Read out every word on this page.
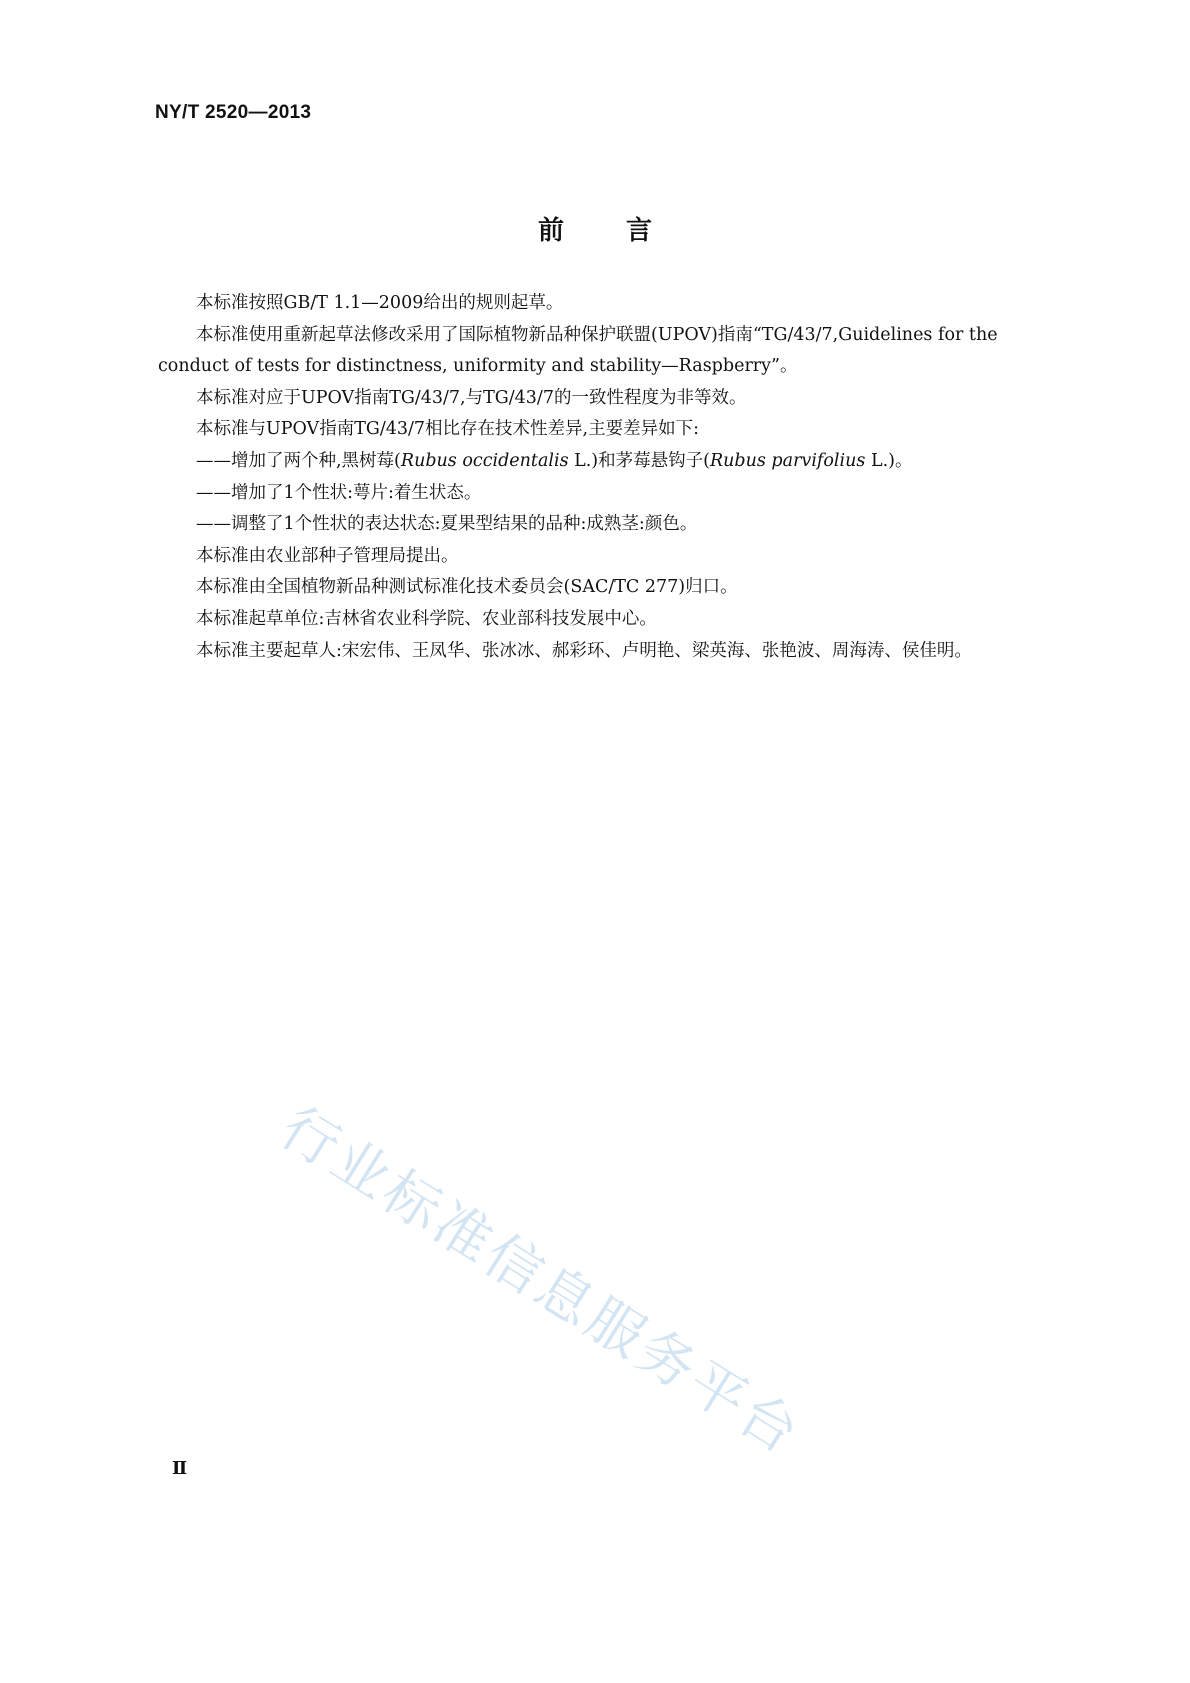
NY/T 2520—2013
前言

本标准按照GB/T 1.1—2009给出的规则起草。

本标准使用重新起草法修改采用了国际植物新品种保护联盟(UPOV)指南“TG/43/7,Guidelines for the conduct of tests for distinctness, uniformity and stability—Raspberry”。

本标准对应于UPOV指南TG/43/7,与TG/43/7的一致性程度为非等效。

本标准与UPOV指南TG/43/7相比存在技术性差异,主要差异如下:

——增加了两个种,黑树莓(Rubus occidentalis L.)和茅莓悬钩子(Rubus parvifolius L.)。

——增加了1个性状:萼片:着生状态。

——调整了1个性状的表达状态:夏果型结果的品种:成熟茎:颜色。

本标准由农业部种子管理局提出。

本标准由全国植物新品种测试标准化技术委员会(SAC/TC 277)归口。

本标准起草单位:吉林省农业科学院、农业部科技发展中心。

本标准主要起草人:宋宏伟、王凤华、张冰冰、郝彩环、卢明艳、梁英海、张艳波、周海涛、侯佳明。

行业标准信息服务平台
Ⅱ
